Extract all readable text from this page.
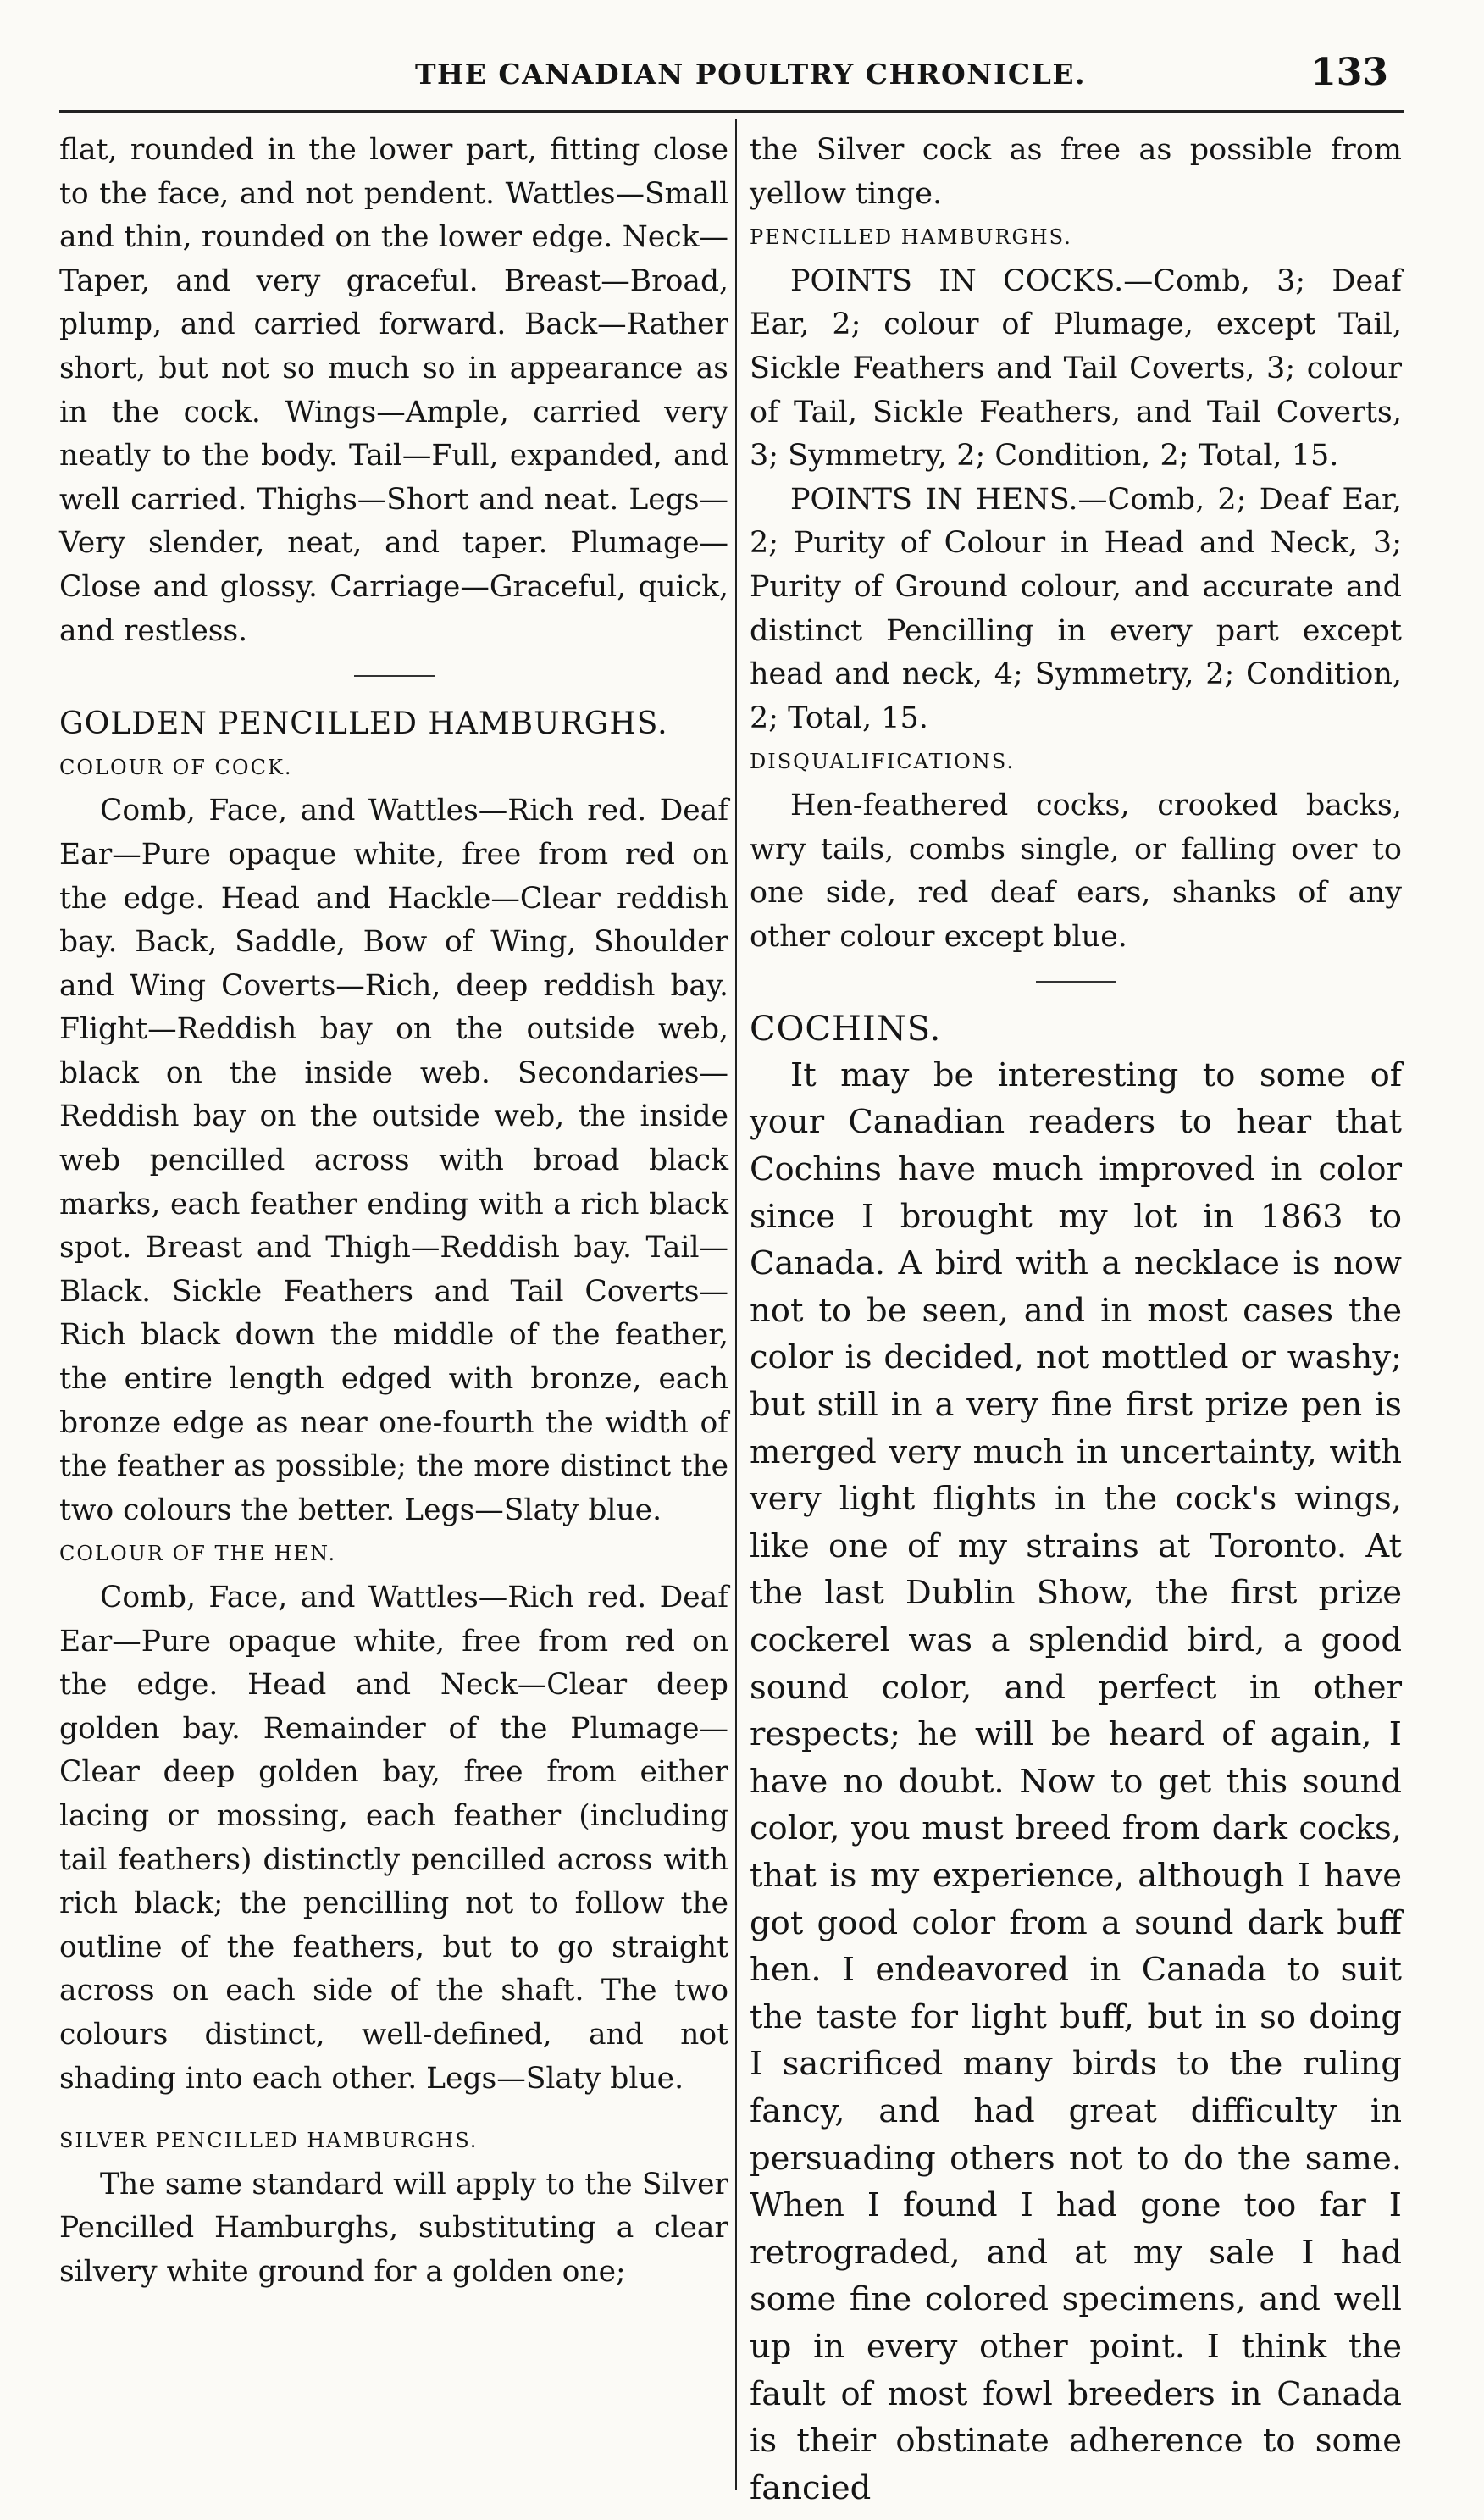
THE CANADIAN POULTRY CHRONICLE.	133

flat, rounded in the lower part, fitting close to the face, and not pendent. Wattles—Small and thin, rounded on the lower edge. Neck—Taper, and very graceful. Breast—Broad, plump, and carried forward. Back—Rather short, but not so much so in appearance as in the cock. Wings—Ample, carried very neatly to the body. Tail—Full, expanded, and well carried. Thighs—Short and neat. Legs—Very slender, neat, and taper. Plumage—Close and glossy. Carriage—Graceful, quick, and restless.

GOLDEN PENCILLED HAMBURGHS.

COLOUR OF COCK.

Comb, Face, and Wattles—Rich red. Deaf Ear—Pure opaque white, free from red on the edge. Head and Hackle—Clear reddish bay. Back, Saddle, Bow of Wing, Shoulder and Wing Coverts—Rich, deep reddish bay. Flight—Reddish bay on the outside web, black on the inside web. Secondaries—Reddish bay on the outside web, the inside web pencilled across with broad black marks, each feather ending with a rich black spot. Breast and Thigh—Reddish bay. Tail—Black. Sickle Feathers and Tail Coverts—Rich black down the middle of the feather, the entire length edged with bronze, each bronze edge as near one-fourth the width of the feather as possible; the more distinct the two colours the better. Legs—Slaty blue.

COLOUR OF THE HEN.

Comb, Face, and Wattles—Rich red. Deaf Ear—Pure opaque white, free from red on the edge. Head and Neck—Clear deep golden bay. Remainder of the Plumage—Clear deep golden bay, free from either lacing or mossing, each feather (including tail feathers) distinctly pencilled across with rich black; the pencilling not to follow the outline of the feathers, but to go straight across on each side of the shaft. The two colours distinct, well-defined, and not shading into each other. Legs—Slaty blue.

SILVER PENCILLED HAMBURGHS.

The same standard will apply to the Silver Pencilled Hamburghs, substituting a clear silvery white ground for a golden one;

the Silver cock as free as possible from yellow tinge.

PENCILLED HAMBURGHS.

POINTS IN COCKS.—Comb, 3; Deaf Ear, 2; colour of Plumage, except Tail, Sickle Feathers and Tail Coverts, 3; colour of Tail, Sickle Feathers, and Tail Coverts, 3; Symmetry, 2; Condition, 2; Total, 15.

POINTS IN HENS.—Comb, 2; Deaf Ear, 2; Purity of Colour in Head and Neck, 3; Purity of Ground colour, and accurate and distinct Pencilling in every part except head and neck, 4; Symmetry, 2; Condition, 2; Total, 15.

DISQUALIFICATIONS.

Hen-feathered cocks, crooked backs, wry tails, combs single, or falling over to one side, red deaf ears, shanks of any other colour except blue.

COCHINS.

It may be interesting to some of your Canadian readers to hear that Cochins have much improved in color since I brought my lot in 1863 to Canada. A bird with a necklace is now not to be seen, and in most cases the color is decided, not mottled or washy; but still in a very fine first prize pen is merged very much in uncertainty, with very light flights in the cock's wings, like one of my strains at Toronto. At the last Dublin Show, the first prize cockerel was a splendid bird, a good sound color, and perfect in other respects; he will be heard of again, I have no doubt. Now to get this sound color, you must breed from dark cocks, that is my experience, although I have got good color from a sound dark buff hen. I endeavored in Canada to suit the taste for light buff, but in so doing I sacrificed many birds to the ruling fancy, and had great difficulty in persuading others not to do the same. When I found I had gone too far I retrograded, and at my sale I had some fine colored specimens, and well up in every other point. I think the fault of most fowl breeders in Canada is their obstinate adherence to some fancied
